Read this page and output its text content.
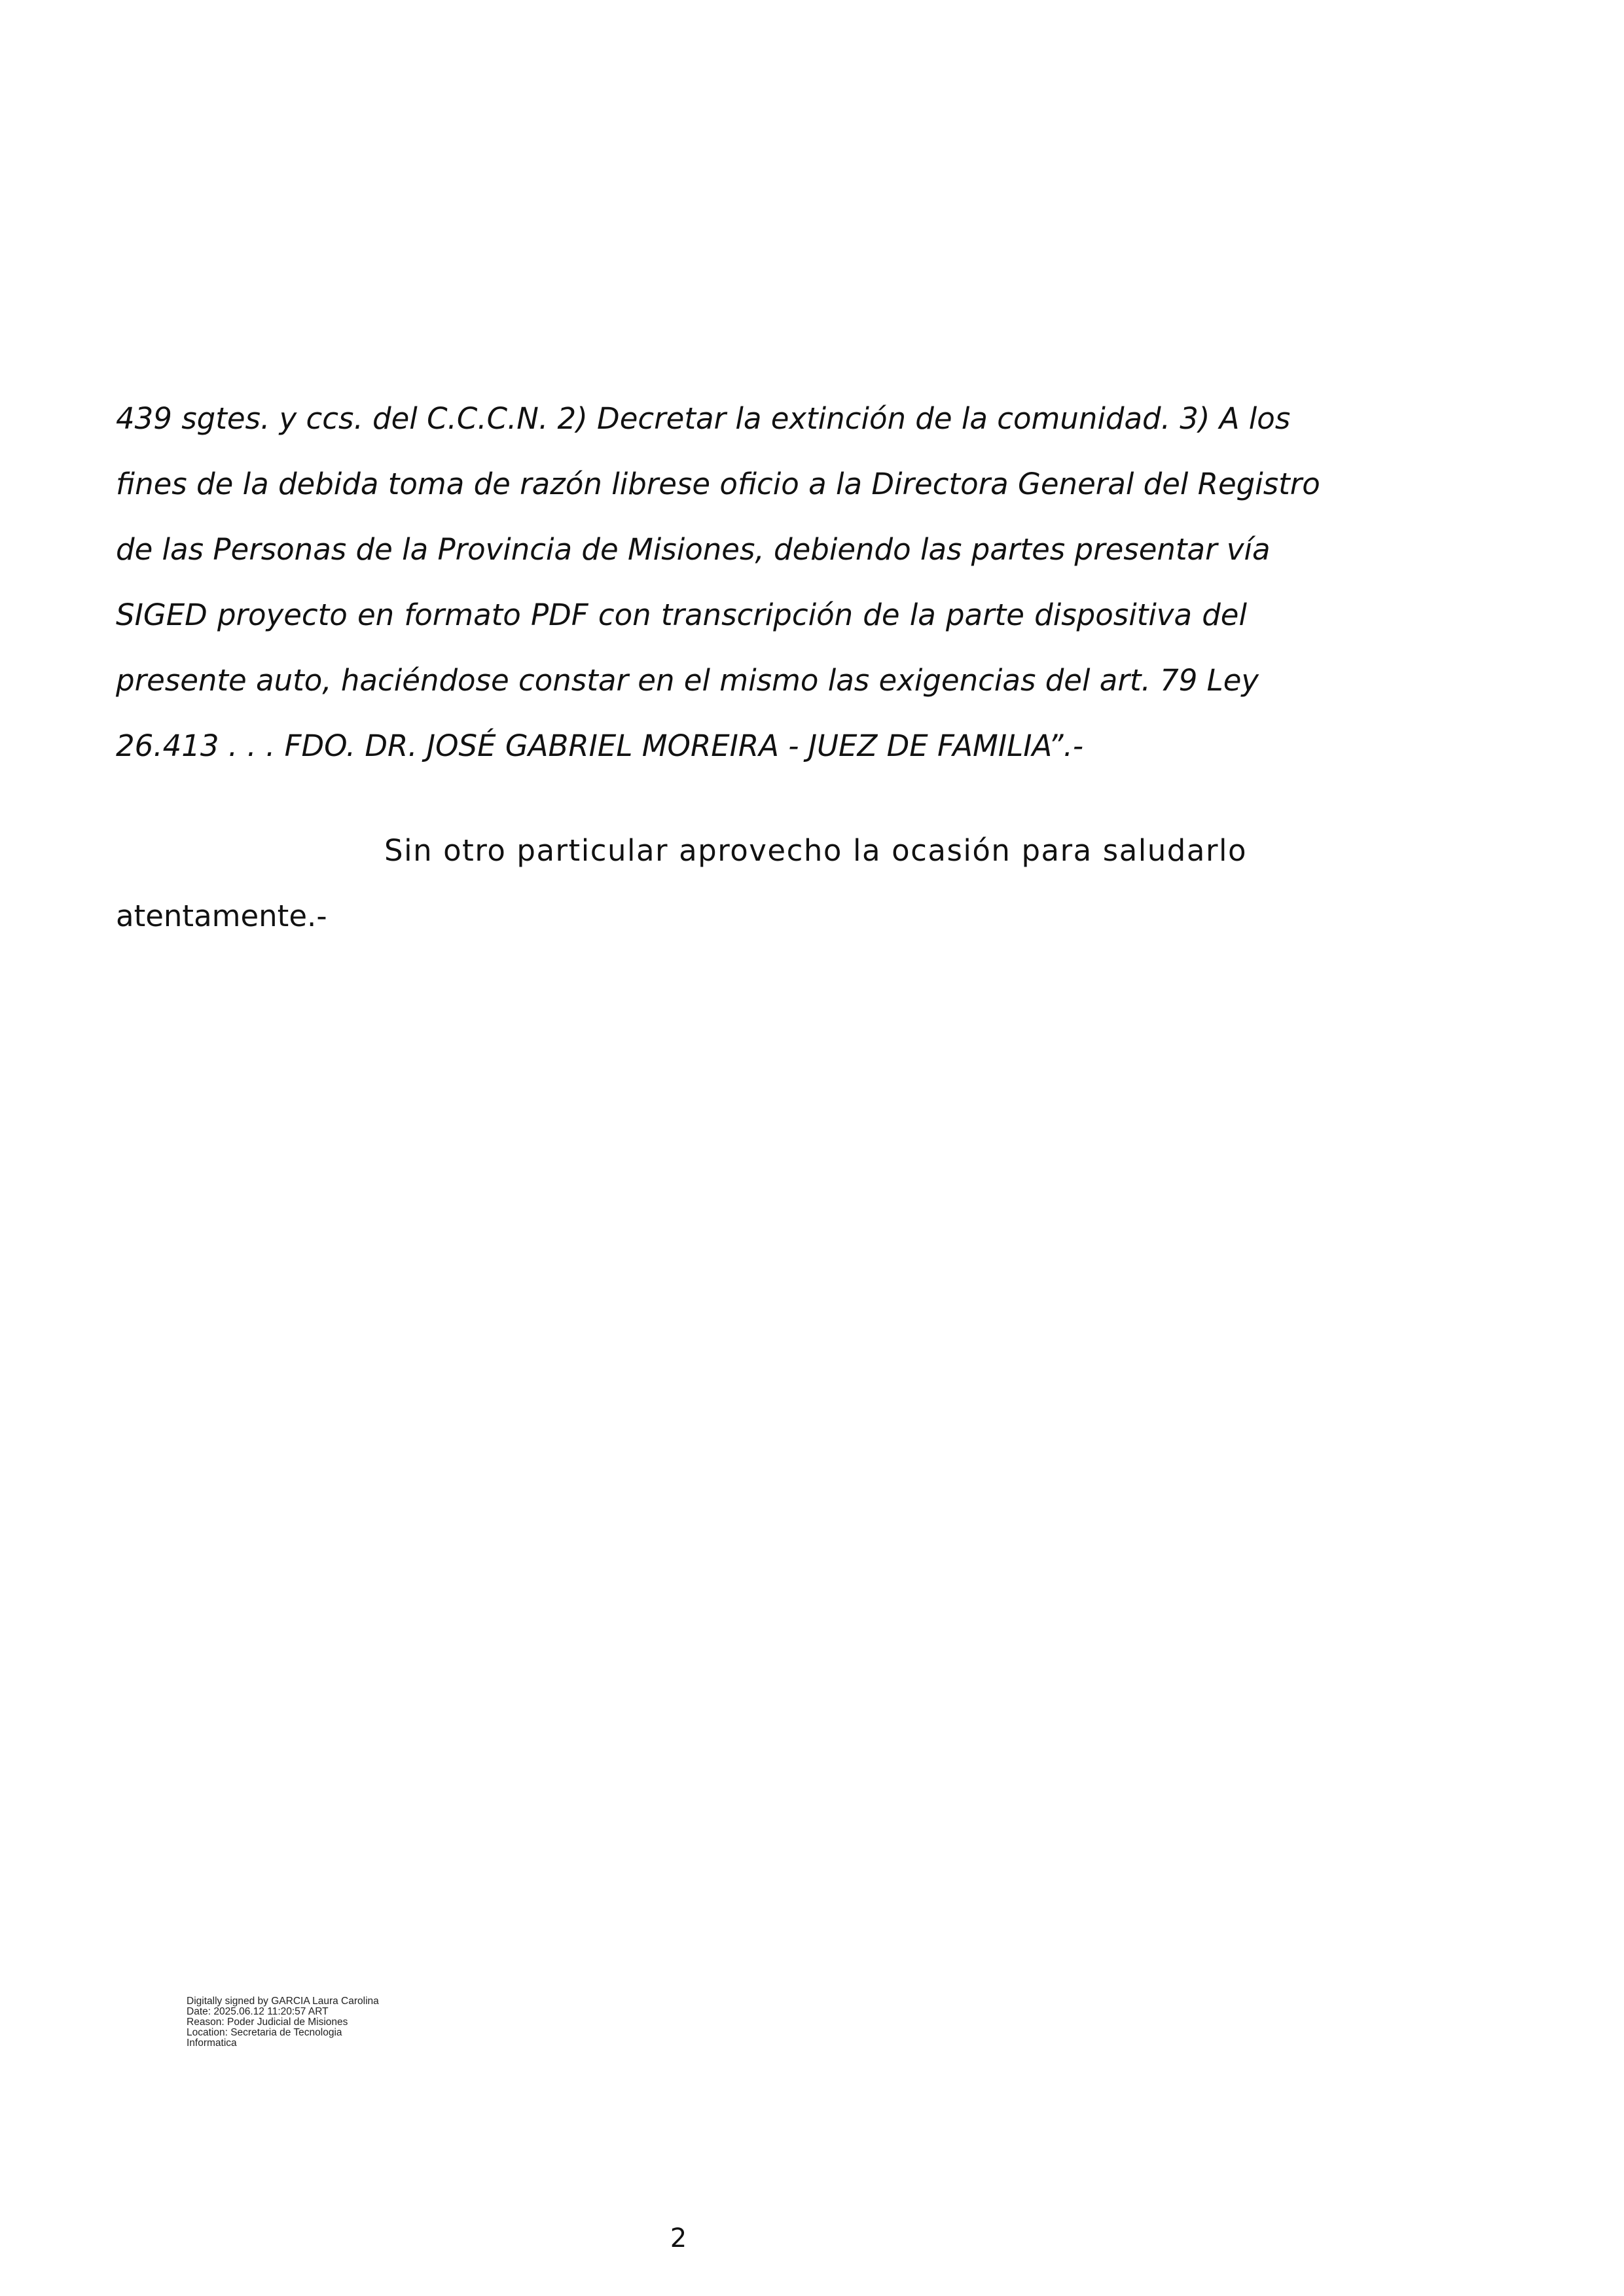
439 sgtes. y ccs. del C.C.C.N. 2) Decretar la extinción de la comunidad. 3) A los
fines de la debida toma de razón librese oficio a la Directora General del Registro
de las Personas de la Provincia de Misiones, debiendo las partes presentar vía
SIGED proyecto en formato PDF con transcripción de la parte dispositiva del
presente auto, haciéndose constar en el mismo las exigencias del art. 79 Ley
26.413 . . . FDO. DR. JOSÉ GABRIEL MOREIRA - JUEZ DE FAMILIA”.-
Sin otro particular aprovecho la ocasión para saludarlo
atentamente.-
Digitally signed by GARCIA Laura Carolina
Date: 2025.06.12 11:20:57 ART
Reason: Poder Judicial de Misiones
Location: Secretaria de Tecnologia
Informatica
2
